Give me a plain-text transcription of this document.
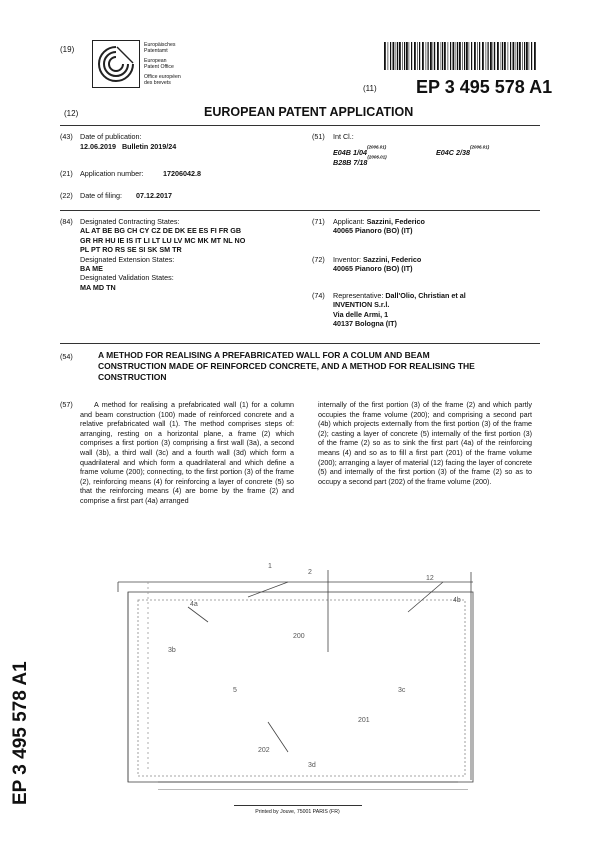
(19)	Europäisches
Patentamt
European
Patent Office
Office européen
des brevets
(11) EP 3 495 578 A1
(12)	EUROPEAN PATENT APPLICATION
(43) Date of publication:
12.06.2019   Bulletin 2019/24
(21) Application number:	17206042.8
(22) Date of filing: 07.12.2017
(84) Designated Contracting States:
AL AT BE BG CH CY CZ DE DK EE ES FI FR GB
GR HR HU IE IS IT LI LT LU LV MC MK MT NL NO
PL PT RO RS SE SI SK SM TR
Designated Extension States:
BA ME
Designated Validation States:
MA MD TN
(51) Int Cl.:
E04B $1/04^{(2006.01)}$
E04C $2/38^{(2006.01)}$
B28B $7/18^{(2006.01)}$
(71) Applicant: Sazzini, Federico
40065 Pianoro (BO) (IT)
(72) Inventor: Sazzini, Federico
40065 Pianoro (BO) (IT)
(74) Representative: Dall'Olio, Christian et al
INVENTION S.r.l.
Via delle Armi, 1
40137 Bologna (IT)
(54)	A METHOD FOR REALISING A PREFABRICATED WALL FOR A COLUM AND BEAM
CONSTRUCTION MADE OF REINFORCED CONCRETE, AND A METHOD FOR REALISING THE
CONSTRUCTION
(57)	A method for realising a prefabricated wall (1) for a column and beam construction (100) made of reinforced concrete and a relative prefabricated wall (1). The method comprises steps of: arranging, resting on a horizontal plane, a frame (2) which comprises a first portion (3) comprising a first wall (3a), a second wall (3b), a third wall (3c) and a fourth wall (3d) which form a quadrilateral and which form a quadrilateral and which define a frame volume (200); connecting, to the first portion (3) of the frame (2), reinforcing means (4) for reinforcing a layer of concrete (5) so that the reinforcing means (4) are borne by the frame (2) and comprise a first part (4a) arranged
internally of the first portion (3) of the frame (2) and which partly occupies the frame volume (200); and comprising a second part (4b) which projects externally from the first portion (3) of the frame (2); casting a layer of concrete (5) internally of the first portion (3) of the frame (2) so as to sink the first part (4a) of the reinforcing means (4) and so as to fill a first part (201) of the frame volume (200); arranging a layer of material (12) facing the layer of concrete (5) and internally of the first portion (3) of the frame (2) so as to occupy a second part (202) of the frame volume (200).
1
4a
12
200
2
3b
5	3c
4b
3d
201
202
EP 3 495 578 A1
Printed by Jouve, 75001 PARIS (FR)
